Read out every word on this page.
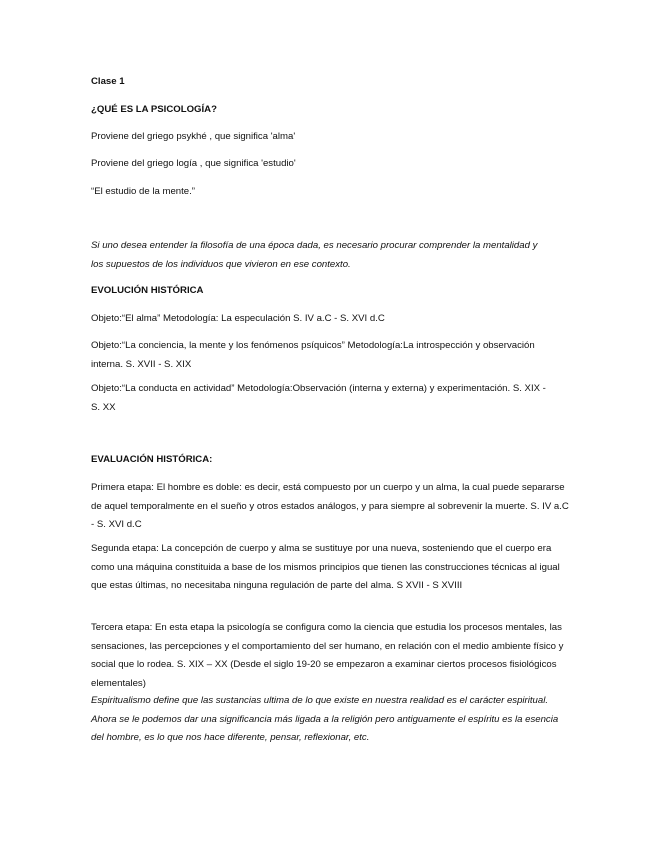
Clase 1
¿QUÉ ES LA PSICOLOGÍA?
Proviene del griego psykhé , que significa 'alma'
Proviene del griego logía , que significa 'estudio'
“El estudio de la mente.”
Si uno desea entender la filosofía de una época dada, es necesario procurar comprender la mentalidad y los supuestos de los individuos que vivieron en ese contexto.
EVOLUCIÓN HISTÓRICA
Objeto:“El alma” Metodología: La especulación S. IV a.C - S. XVI d.C
Objeto:“La conciencia, la mente y los fenómenos psíquicos” Metodología:La introspección y observación interna. S. XVII - S. XIX
Objeto:“La conducta en actividad” Metodología:Observación (interna y externa) y experimentación. S. XIX - S. XX
EVALUACIÓN HISTÓRICA:
Primera etapa: El hombre es doble: es decir, está compuesto por un cuerpo y un alma, la cual puede separarse de aquel temporalmente en el sueño y otros estados análogos, y para siempre al sobrevenir la muerte. S. IV a.C - S. XVI d.C
Segunda etapa: La concepción de cuerpo y alma se sustituye por una nueva, sosteniendo que el cuerpo era como una máquina constituida a base de los mismos principios que tienen las construcciones técnicas al igual que estas últimas, no necesitaba ninguna regulación de parte del alma. S XVII - S XVIII
Tercera etapa: En esta etapa la psicología se configura como la ciencia que estudia los procesos mentales, las sensaciones, las percepciones y el comportamiento del ser humano, en relación con el medio ambiente físico y social que lo rodea. S. XIX – XX (Desde el siglo 19-20 se empezaron a examinar ciertos procesos fisiológicos elementales)
Espiritualismo define que las sustancias ultima de lo que existe en nuestra realidad es el carácter espiritual. Ahora se le podemos dar una significancia más ligada a la religión pero antiguamente el espíritu es la esencia del hombre, es lo que nos hace diferente, pensar, reflexionar, etc.
